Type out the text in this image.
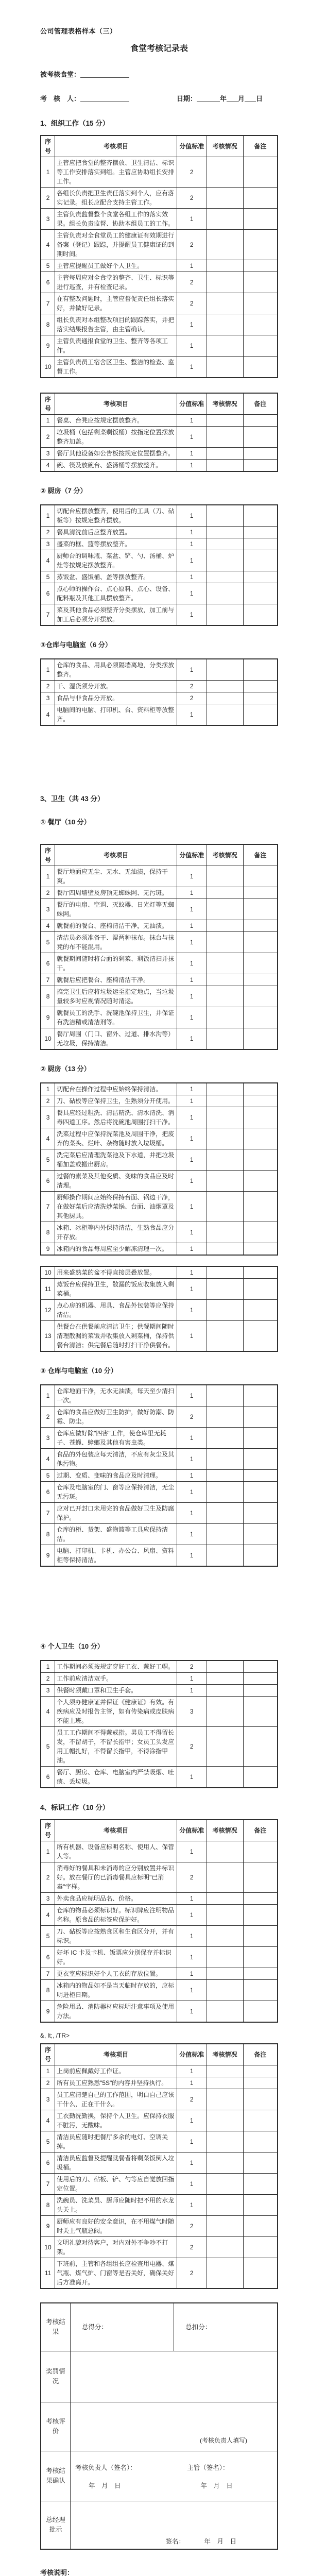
公司管理表格样本（三）
食堂考核记录表
被考核食堂：
考　核　人：	日期：	年 月 日
1、组织工作（15 分）
序号	考核项目	分值标准	考核情况	备注
1	主管应把食堂的整齐摆放、卫生清洁、标识等工作安排落实到组。主管应协助组长安排工作。	2		
2	各组长负责把卫生责任落实到个人，应有落实记录。组长应配合支持主管工作。	2		
3	主管负责监督整个食堂各组工作的落实效果。组长负责监督、协助本组员工的工作。	1		
4	主管负责对全食堂员工的健康证有效期进行备案（登记）跟踪，并提醒员工健康证的到期时间。	2		
5	主管应提醒员工做好个人卫生。	1		
6	主管每周应对全食堂的整齐、卫生、标识等进行巡查，并有检查记录。	2		
7	在有整改问题时，主管应督促责任组长落实好，并做好记录。	2		
8	组长负责对本组整改项目的跟踪落实，并把落实结果报告主管，由主管确认。	1		
9	主管负责通报食堂的卫生、整齐等各项工作。	1		
10	主管负责员工宿舍区卫生、整洁的检查、监督工作。	1		
序号	考核项目	分值标准	考核情况	备注
1	餐桌、台凳应按规定摆放整齐。	1		
2	垃圾桶（包括剩菜剩饭桶）按指定位置摆放整齐加盖。	1		
3	餐厅其他设备如公告板按规定位置摆整齐。	1		
4	碗、筷及放碗台、盛汤桶等摆放整齐。	1		
② 厨房（7 分）
1	切配台应摆放整齐，使用后的工具（刀、砧板等）按规定整齐摆放。	1		
2	餐具清洗前后应整齐放置。	1		
3	盛菜的框、篮等摆放整齐。	1		
4	厨师台的调味瓶、菜盆、铲、勺、汤桶、炉灶等按规定摆放整齐。	1		
5	蒸饭盆、盛饭桶、盖等摆放整齐。	1		
6	点心师的操作台、点心原料、点心、设备、配料瓶及其他工具摆放整齐。	1		
7	菜及其他食品必须整齐分类摆放，加工前与加工后必须分开摆放。	1		
③仓库与电脑室（6 分）
1	仓库的食品、用具必须隔墙离地，分类摆放整齐。	1		
2	干、湿货须分开放。	2		
3	食品与非食品分开放。	2		
4	电脑间的电脑、打印机、台、资料柜等放整齐。	1		
3、卫生（共 43 分）
① 餐厅（10 分）
序号	考核项目	分值标准	考核情况	备注
1	餐厅地面应无尘、无水、无油渍，保持干爽。	1		
2	餐厅四周墙壁及房顶无蜘蛛网、无污斑。	1		
3	餐厅的电扇、空调、灭蚊器、日光灯等无蜘蛛网。	1		
4	就餐前的餐台、座椅清洁干净，无油渍。	1		
5	清洁员必须准备干、湿两种抹布。抹台与抹凳的布不能混用。	1		
6	就餐期间随时将台面的剩菜、剩饭清扫并抹干。	1		
7	就餐后应把餐台、座椅清洁干净。	1		
8	搞完卫生后应将垃圾运至指定地点，当垃圾量较多时应视情况随时清运。	1		
9	就餐员工的洗手、洗碗池保持卫生，并保证有洗洁精或清洁剂等。	1		
10	餐厅周围（门口、窗外、过道、排水沟等）无垃圾，保持清洁。	1		
② 厨房（13 分）
1	切配台在操作过程中应始终保持清洁。	1		
2	刀、砧板等应保持卫生，生熟须分开使用。	1		
3	餐具应经过粗洗、清洁精洗、清水清洗、消毒四道工序。然后将洗碗池周围打扫干净。	1		
4	洗菜过程中应保持洗菜池及周围干净，把废弃的菜头、烂叶、杂物随时放入垃圾桶。	1		
5	洗完菜后应清理洗菜池及下水道，并把垃圾桶加盖或搬出厨房。	1		
6	过餐的素菜及其他变质、变味的食品应及时清理。	1		
7	厨师操作期间应始终保持台面、锅边干净，在做好菜后应清洗炒菜锅、台面、油烟罩及其他厨具。	1		
8	冰箱、冰柜等内外保持清洁，生熟食品应分开存放。	1		
9	冰箱内的食品每周应至少解冻清理一次。	1		
10	用来盛熟菜的盆不得直接层叠放置。	1		
11	蒸饭台应保持卫生，散漏的饭应收集放入剩菜桶。	1		
12	点心房的机器、用具、食品外包装等应保持清洁。	1		
13	供餐台在供餐前应清洁卫生；供餐期间随时清理散漏的菜饭并收集放入剩菜桶，保持供餐台清洁；供完餐后随时打扫干净供餐台。	1		
③ 仓库与电脑室（10 分）
1	仓库地面干净，无水无油渍，每天至少清扫一次。	1		
2	仓库的食品应做好卫生防护，做好防潮、防霉、防尘。	2		
3	仓库应做好除"四害"工作，使仓库里无耗子、苍蝇、蟑螂及其他有害虫类。	1		
4	食品的外包装应每天清洁，不应有灰尘及其他污物。	1		
5	过期、变质、变味的食品应及时清理。	1		
6	仓库及电脑室的门、窗等应保持清洁，无尘无污斑。	1		
7	应对已开封口未用完的食品做好卫生及防腐保护。	1		
8	仓库的柜、货架、盛物篮等工具应保持清洁。	1		
9	电脑、打印机、卡机、办公台、风扇、资料柜等保持清洁。	1		
④ 个人卫生（10 分）
1	工作期间必须按规定穿好工衣、戴好工帽。	2		
2	工作前应清洁双手。	1		
3	供餐时须戴口罩和卫生手套。	1		
4	个人须办健康证并保证《健康证》有效。有疾病应及时报告主管，如有传染病或皮肤病不能上班。	3		
5	员工工作期间不得戴戒指。男员工不得留长发，不留胡子，不留长指甲；女员工头发应用工帽扎好，不得留长指甲，不得涂指甲油。	2		
6	餐厅、厨房、仓库、电脑室内严禁吸烟、吐痰、丢垃圾。	1		
4、标识工作（10 分）
序号	考核项目	分值标准	考核情况	备注
1	所有机器、设备应标明名称、使用人、保管人等。	1		
2	消毒好的餐具和未消毒的应分别放置并标识好。放在餐厅的已消毒餐具应标明"已消毒"字样。	2		
3	外卖食品应标明品名、价格。	1		
4	仓库的物品必须标识好。标识牌应注明物品名称。原食品的标签应保护好。	1		
5	刀、砧板等应按熟食区和生食区分开，并有标识。	1		
6	好坏 IC 卡及卡机、饭票应分别保存并标识好。	1		
7	更衣室应标识好个人工衣的存放位置。	1		
8	冰箱内的物品如不是当天临时存放的，应标明进柜日期。	1		
9	危险用品、消防器材应标明注意事项及使用方法。	1		
&, lt;, /TR>
序号	考核项目	分值标准	考核情况	备注
1	上岗前应佩戴好工作证。	1		
2	所有员工应熟悉"5S"的内容并坚持执行。	1		
3	员工应清楚自己的工作范围，明白自己应该干什么，正在干什么。	2		
4	工衣勤洗勤换，保持个人卫生。应保持衣服不脏污，无酸味。	1		
5	清洁员应随时把餐厅多余的电灯、空调关掉。	1		
6	清洁员应监督及提醒就餐者将剩菜饭倒入垃圾桶。	1		
7	使用后的刀、砧板、铲、勺等应自觉放回指定位置。	1		
8	洗碗员、洗菜员、厨师应随时把不用的水龙头关上。	1		
9	厨师应有良好的安全意识，在不用煤气时随时关上气瓶总阀。	2		
10	文明礼貌对待客户，对内对外不争吵不打架。	2		
11	下班前，主管和各组组长应检查用电器、煤气瓶、煤气炉、门窗等是否关好，确保关好后方准离开。	2		
考核结果	总得分：	总扣分：
奖罚情况		
考核评价	(考核负责人填写)	

考核结果确认	考核负责人（签名）：
年　月　日
主管（签名）：
年　月　日	

总经理批示	签名： 年　月　日	
考核说明：
